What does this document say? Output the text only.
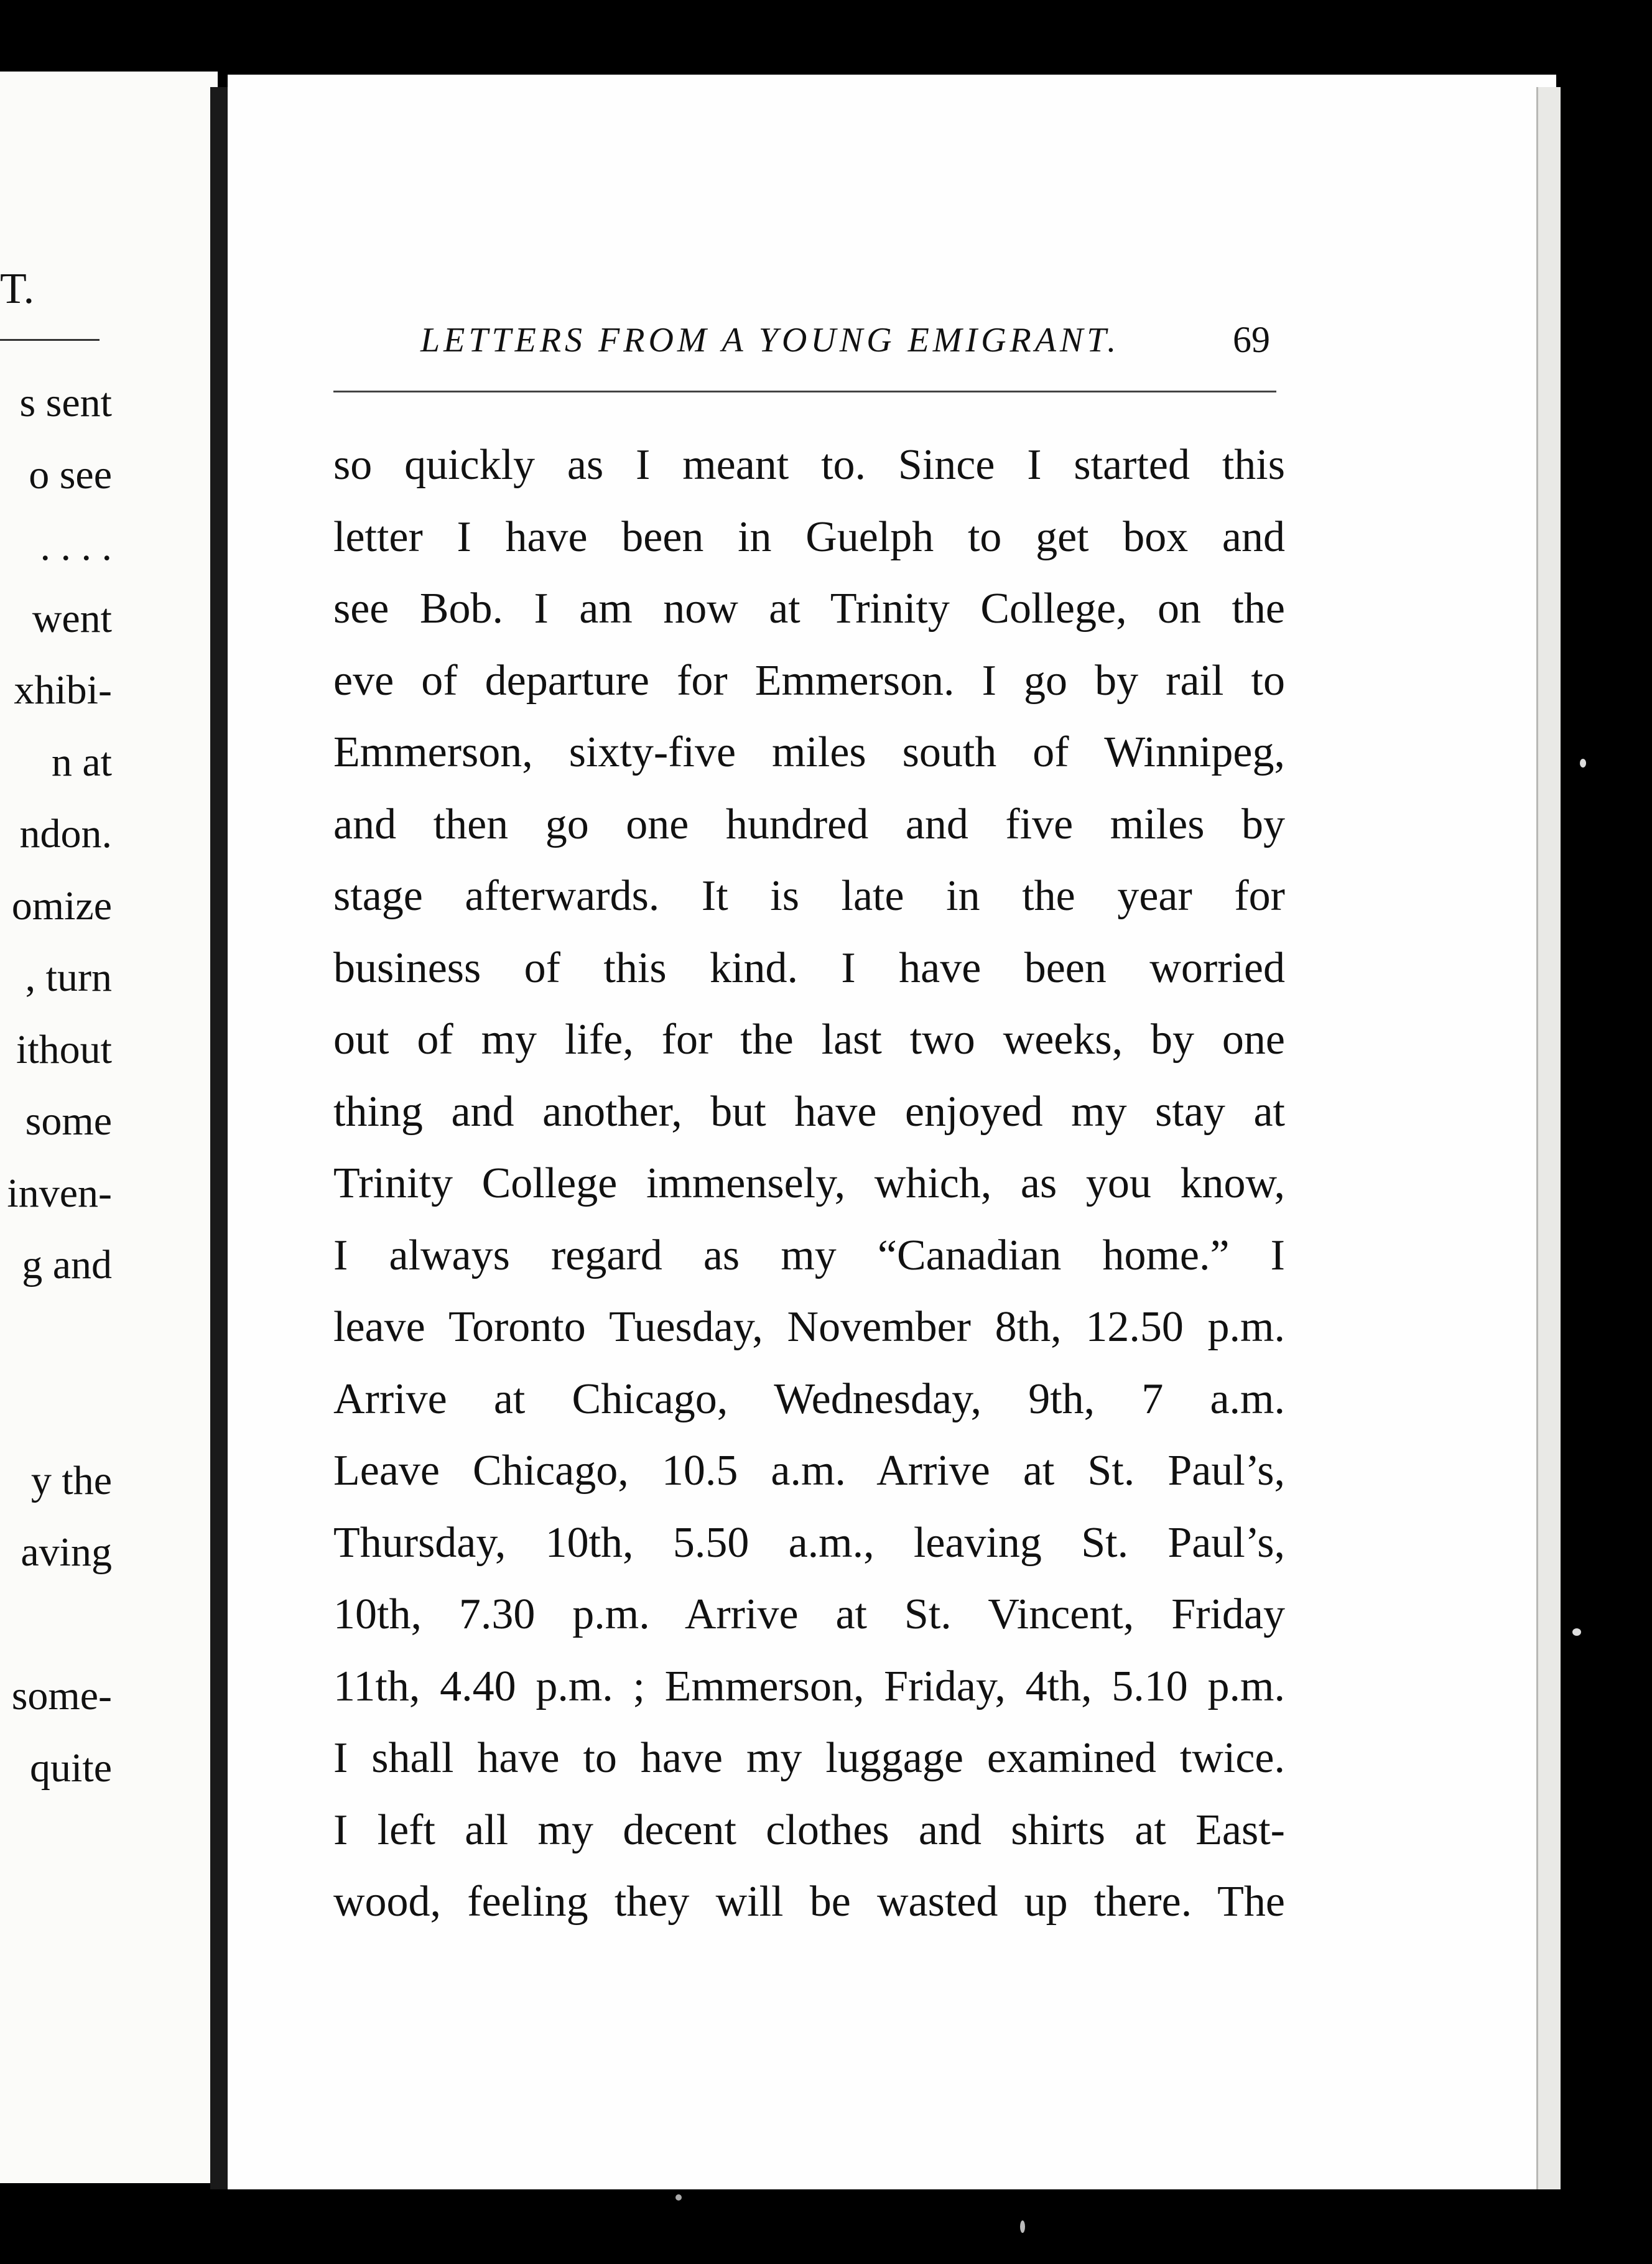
T.
s sent
o see
. . . .
went
xhibi-
n at
ndon.
omize
, turn
ithout
some
inven-
g and
y the
aving
some-
quite
LETTERS FROM A YOUNG EMIGRANT.	69
so quickly as I meant to. Since I started this
letter I have been in Guelph to get box and
see Bob. I am now at Trinity College, on the
eve of departure for Emmerson. I go by rail to
Emmerson, sixty-five miles south of Winnipeg,
and then go one hundred and five miles by
stage afterwards. It is late in the year for
business of this kind. I have been worried
out of my life, for the last two weeks, by one
thing and another, but have enjoyed my stay at
Trinity College immensely, which, as you know,
I always regard as my “Canadian home.” I
leave Toronto Tuesday, November 8th, 12.50 p.m.
Arrive at Chicago, Wednesday, 9th, 7 a.m.
Leave Chicago, 10.5 a.m. Arrive at St. Paul’s,
Thursday, 10th, 5.50 a.m., leaving St. Paul’s,
10th, 7.30 p.m. Arrive at St. Vincent, Friday
11th, 4.40 p.m. ; Emmerson, Friday, 4th, 5.10 p.m.
I shall have to have my luggage examined twice.
I left all my decent clothes and shirts at East-
wood, feeling they will be wasted up there. The
